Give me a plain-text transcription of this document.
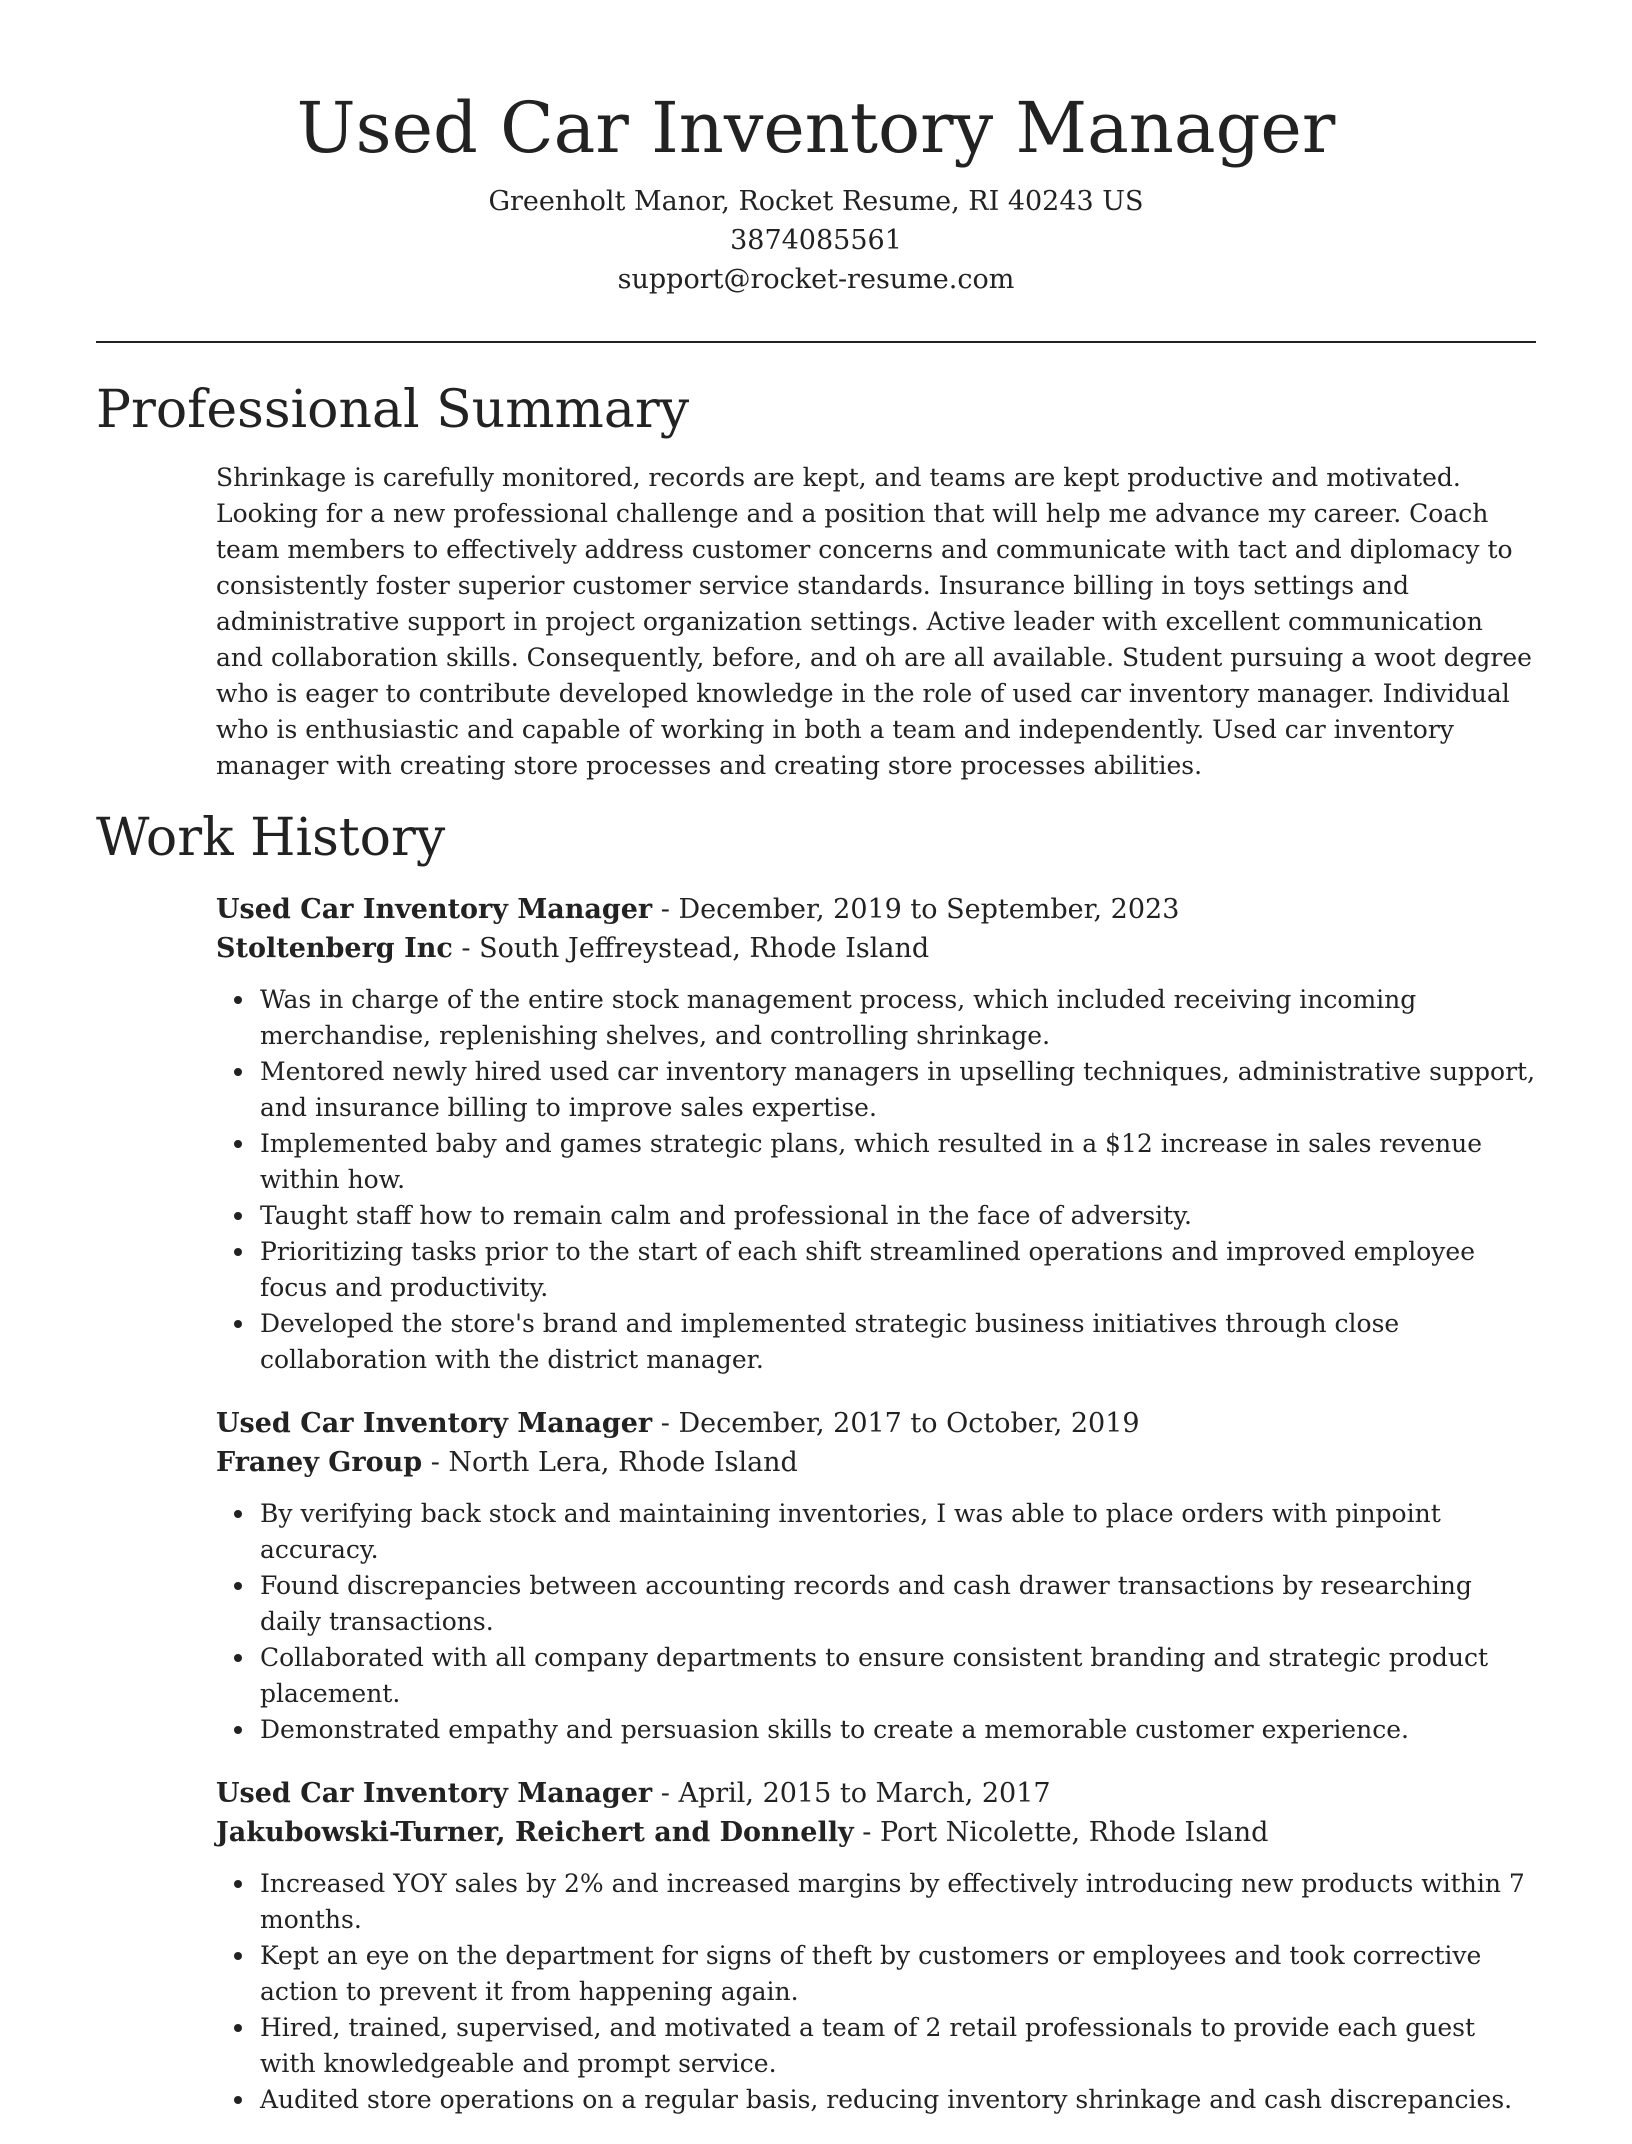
Used Car Inventory Manager
Greenholt Manor, Rocket Resume, RI 40243 US
3874085561
support@rocket-resume.com
Professional Summary
Shrinkage is carefully monitored, records are kept, and teams are kept productive and motivated. Looking for a new professional challenge and a position that will help me advance my career. Coach team members to effectively address customer concerns and communicate with tact and diplomacy to consistently foster superior customer service standards. Insurance billing in toys settings and administrative support in project organization settings. Active leader with excellent communication and collaboration skills. Consequently, before, and oh are all available. Student pursuing a woot degree who is eager to contribute developed knowledge in the role of used car inventory manager. Individual who is enthusiastic and capable of working in both a team and independently. Used car inventory manager with creating store processes and creating store processes abilities.
Work History
Used Car Inventory Manager - December, 2019 to September, 2023
Stoltenberg Inc - South Jeffreystead, Rhode Island
Was in charge of the entire stock management process, which included receiving incoming merchandise, replenishing shelves, and controlling shrinkage.
Mentored newly hired used car inventory managers in upselling techniques, administrative support, and insurance billing to improve sales expertise.
Implemented baby and games strategic plans, which resulted in a $12 increase in sales revenue within how.
Taught staff how to remain calm and professional in the face of adversity.
Prioritizing tasks prior to the start of each shift streamlined operations and improved employee focus and productivity.
Developed the store's brand and implemented strategic business initiatives through close collaboration with the district manager.
Used Car Inventory Manager - December, 2017 to October, 2019
Franey Group - North Lera, Rhode Island
By verifying back stock and maintaining inventories, I was able to place orders with pinpoint accuracy.
Found discrepancies between accounting records and cash drawer transactions by researching daily transactions.
Collaborated with all company departments to ensure consistent branding and strategic product placement.
Demonstrated empathy and persuasion skills to create a memorable customer experience.
Used Car Inventory Manager - April, 2015 to March, 2017
Jakubowski-Turner, Reichert and Donnelly - Port Nicolette, Rhode Island
Increased YOY sales by 2% and increased margins by effectively introducing new products within 7 months.
Kept an eye on the department for signs of theft by customers or employees and took corrective action to prevent it from happening again.
Hired, trained, supervised, and motivated a team of 2 retail professionals to provide each guest with knowledgeable and prompt service.
Audited store operations on a regular basis, reducing inventory shrinkage and cash discrepancies.
